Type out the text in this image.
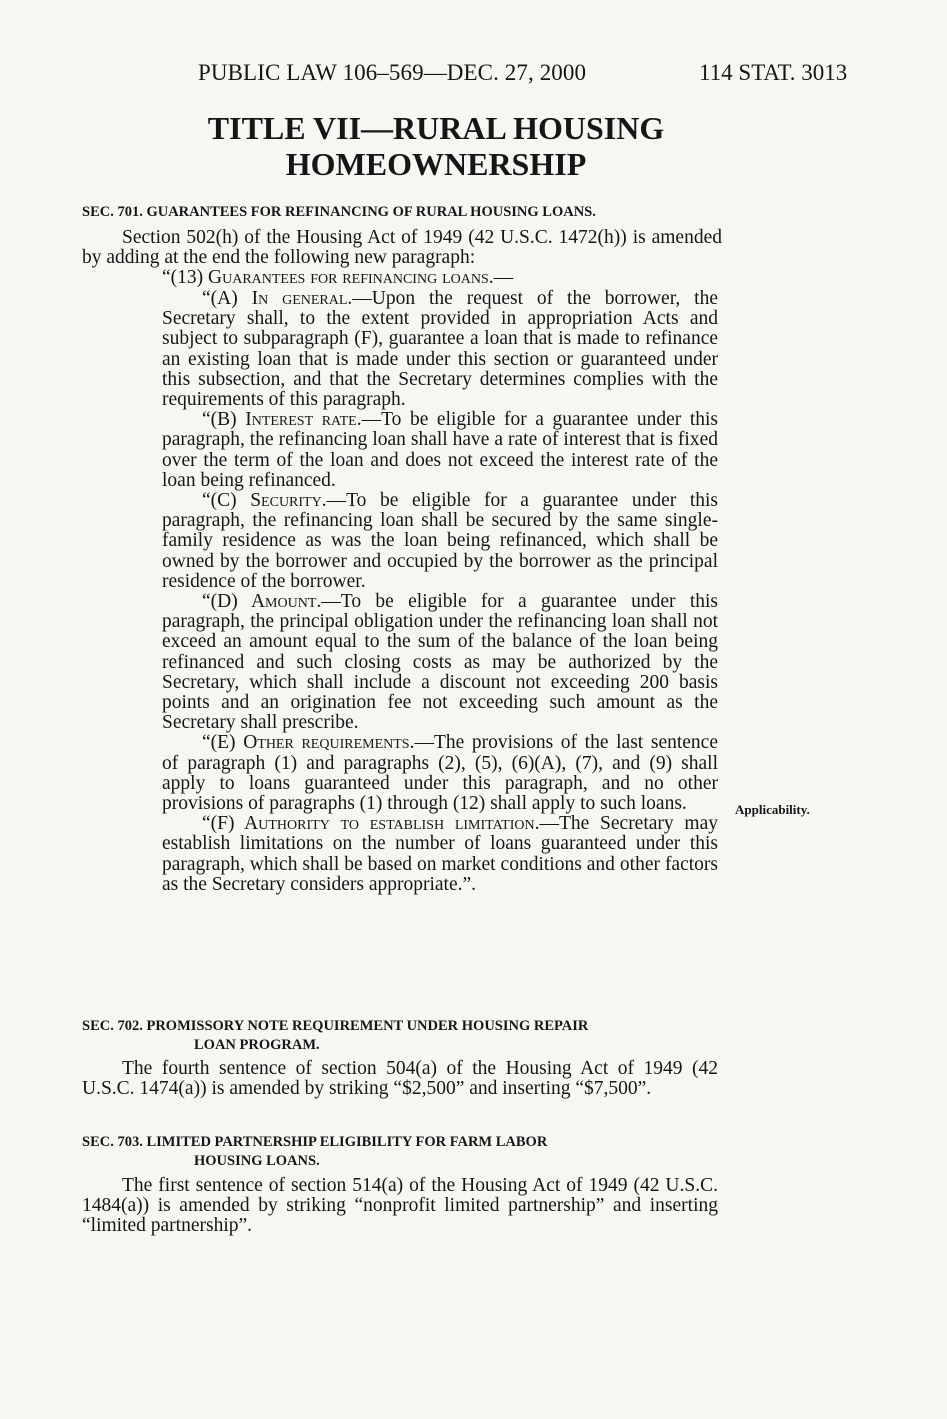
PUBLIC LAW 106–569—DEC. 27, 2000	114 STAT. 3013
TITLE VII—RURAL HOUSING
HOMEOWNERSHIP
SEC. 701. GUARANTEES FOR REFINANCING OF RURAL HOUSING LOANS.

Section 502(h) of the Housing Act of 1949 (42 U.S.C. 1472(h)) is amended by adding at the end the following new paragraph:

“(13) Guarantees for refinancing loans.—

“(A) In general.—Upon the request of the borrower, the Secretary shall, to the extent provided in appropriation Acts and subject to subparagraph (F), guarantee a loan that is made to refinance an existing loan that is made under this section or guaranteed under this subsection, and that the Secretary determines complies with the requirements of this paragraph.

“(B) Interest rate.—To be eligible for a guarantee under this paragraph, the refinancing loan shall have a rate of interest that is fixed over the term of the loan and does not exceed the interest rate of the loan being refinanced.

“(C) Security.—To be eligible for a guarantee under this paragraph, the refinancing loan shall be secured by the same single-family residence as was the loan being refinanced, which shall be owned by the borrower and occupied by the borrower as the principal residence of the borrower.

“(D) Amount.—To be eligible for a guarantee under this paragraph, the principal obligation under the refinancing loan shall not exceed an amount equal to the sum of the balance of the loan being refinanced and such closing costs as may be authorized by the Secretary, which shall include a discount not exceeding 200 basis points and an origination fee not exceeding such amount as the Secretary shall prescribe.

“(E) Other requirements.—The provisions of the last sentence of paragraph (1) and paragraphs (2), (5), (6)(A), (7), and (9) shall apply to loans guaranteed under this paragraph, and no other provisions of paragraphs (1) through (12) shall apply to such loans.

“(F) Authority to establish limitation.—The Secretary may establish limitations on the number of loans guaranteed under this paragraph, which shall be based on market conditions and other factors as the Secretary considers appropriate.”.

Applicability.
SEC. 702. PROMISSORY NOTE REQUIREMENT UNDER HOUSING REPAIR
LOAN PROGRAM.

The fourth sentence of section 504(a) of the Housing Act of 1949 (42 U.S.C. 1474(a)) is amended by striking “$2,500” and inserting “$7,500”.

SEC. 703. LIMITED PARTNERSHIP ELIGIBILITY FOR FARM LABOR
HOUSING LOANS.

The first sentence of section 514(a) of the Housing Act of 1949 (42 U.S.C. 1484(a)) is amended by striking “nonprofit limited partnership” and inserting “limited partnership”.
